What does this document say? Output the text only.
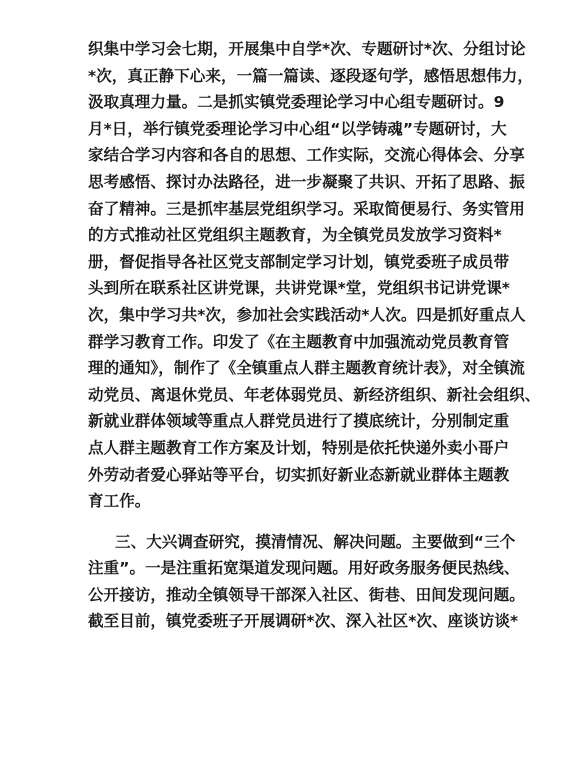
织集中学习会七期，开展集中自学*次、专题研讨*次、分组讨论
*次，真正静下心来，一篇一篇读、逐段逐句学，感悟思想伟力，
汲取真理力量。二是抓实镇党委理论学习中心组专题研讨。9
月*日，举行镇党委理论学习中心组“以学铸魂”专题研讨，大
家结合学习内容和各自的思想、工作实际，交流心得体会、分享
思考感悟、探讨办法路径，进一步凝聚了共识、开拓了思路、振
奋了精神。三是抓牢基层党组织学习。采取简便易行、务实管用
的方式推动社区党组织主题教育，为全镇党员发放学习资料*
册，督促指导各社区党支部制定学习计划，镇党委班子成员带
头到所在联系社区讲党课，共讲党课*堂，党组织书记讲党课*
次，集中学习共*次，参加社会实践活动*人次。四是抓好重点人
群学习教育工作。印发了《在主题教育中加强流动党员教育管
理的通知》，制作了《全镇重点人群主题教育统计表》，对全镇流
动党员、离退休党员、年老体弱党员、新经济组织、新社会组织、
新就业群体领域等重点人群党员进行了摸底统计，分别制定重
点人群主题教育工作方案及计划，特别是依托快递外卖小哥户
外劳动者爱心驿站等平台，切实抓好新业态新就业群体主题教
育工作。
三、大兴调查研究，摸清情况、解决问题。主要做到“三个
注重”。一是注重拓宽渠道发现问题。用好政务服务便民热线、
公开接访，推动全镇领导干部深入社区、街巷、田间发现问题。
截至目前，镇党委班子开展调研*次、深入社区*次、座谈访谈*
